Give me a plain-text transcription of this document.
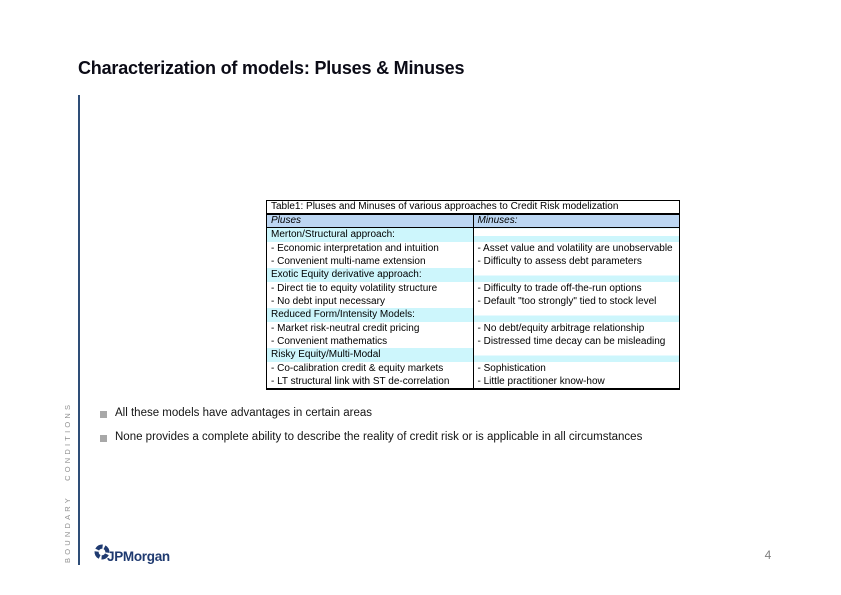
Characterization of models: Pluses & Minuses
BOUNDARY CONDITIONS
Table1: Pluses and Minuses of various approaches to Credit Risk modelization	
Pluses	Minuses:
Merton/Structural approach:	
- Economic interpretation and intuition	- Asset value and volatility are unobservable
- Convenient multi-name extension	- Difficulty to assess debt parameters
Exotic Equity derivative approach:	
- Direct tie to equity volatility structure	- Difficulty to trade off-the-run options
- No debt input necessary	- Default "too strongly" tied to stock level
Reduced Form/Intensity Models:	
- Market risk-neutral credit pricing	- No debt/equity arbitrage relationship
- Convenient mathematics	- Distressed time decay can be misleading
Risky Equity/Multi-Modal	
- Co-calibration credit & equity markets	- Sophistication
- LT structural link with ST de-correlation	- Little practitioner know-how
All these models have advantages in certain areas
None provides a complete ability to describe the reality of credit risk or is applicable in all circumstances
JPMorgan	4
